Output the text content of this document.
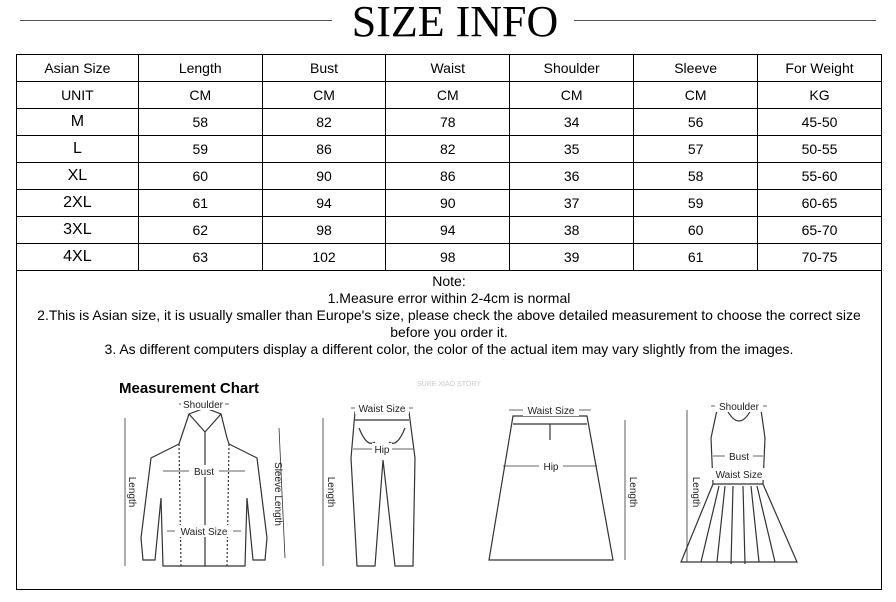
SIZE INFO
Asian Size	Length	Bust	Waist	Shoulder	Sleeve	For Weight
UNIT	CM	CM	CM	CM	CM	KG
M	58	82	78	34	56	45-50
L	59	86	82	35	57	50-55
XL	60	90	86	36	58	55-60
2XL	61	94	90	37	59	60-65
3XL	62	98	94	38	60	65-70
4XL	63	102	98	39	61	70-75
Note:
1.Measure error within 2-4cm is normal
2.This is Asian size, it is usually smaller than Europe's size, please check the above detailed measurement to choose the correct size before you order it.
3. As different computers display a different color, the color of the actual item may vary slightly from the images.
Measurement Chart	SURE XIAO STORY
Shoulder
Bust
Waist Size
Length	Sleeve Length
Waist Size
Hip
Length
Waist Size
Hip
Length
Shoulder
Bust
Waist Size
Length
